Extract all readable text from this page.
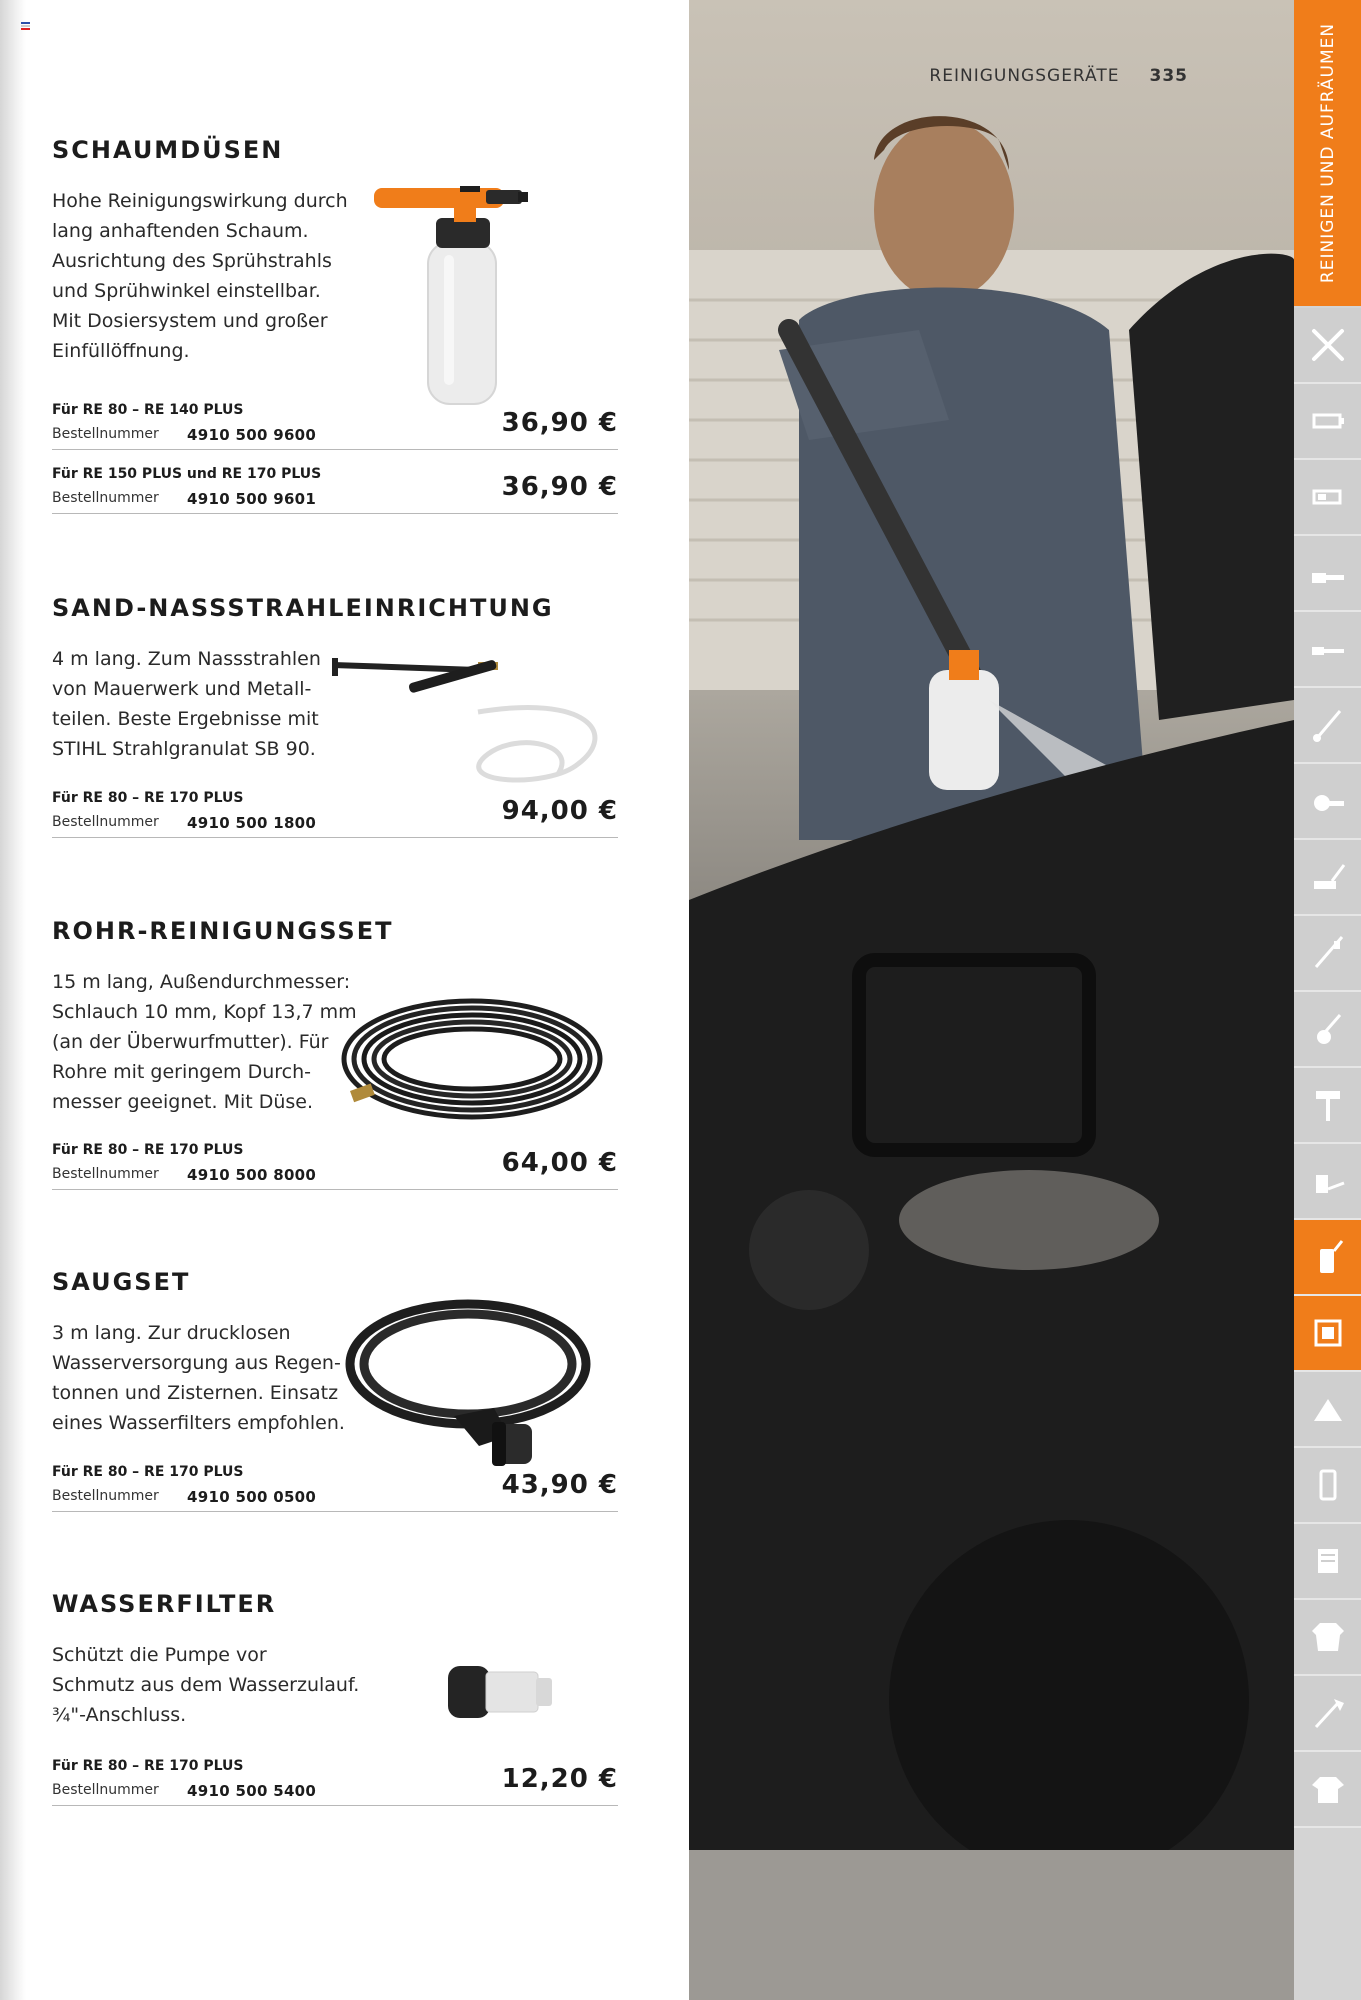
SCHAUMDÜSEN
Hohe Reinigungswirkung durch
lang anhaftenden Schaum.
Ausrichtung des Sprühstrahls
und Sprühwinkel einstellbar.
Mit Dosiersystem und großer
Einfüllöffnung.
Für RE 80 – RE 140 PLUS
Bestellnummer 4910 500 9600	36,90 €
Für RE 150 PLUS und RE 170 PLUS
Bestellnummer 4910 500 9601	36,90 €
SAND-NASSSTRAHLEINRICHTUNG
4 m lang. Zum Nassstrahlen
von Mauerwerk und Metall-
teilen. Beste Ergebnisse mit
STIHL Strahlgranulat SB 90.
Für RE 80 – RE 170 PLUS
Bestellnummer 4910 500 1800	94,00 €
ROHR-REINIGUNGSSET
15 m lang, Außendurchmesser:
Schlauch 10 mm, Kopf 13,7 mm
(an der Überwurfmutter). Für
Rohre mit geringem Durch-
messer geeignet. Mit Düse.
Für RE 80 – RE 170 PLUS
Bestellnummer 4910 500 8000	64,00 €
SAUGSET
3 m lang. Zur drucklosen
Wasserversorgung aus Regen-
tonnen und Zisternen. Einsatz
eines Wasserfilters empfohlen.
Für RE 80 – RE 170 PLUS
Bestellnummer 4910 500 0500	43,90 €
WASSERFILTER
Schützt die Pumpe vor
Schmutz aus dem Wasserzulauf.
¾"-Anschluss.
Für RE 80 – RE 170 PLUS
Bestellnummer 4910 500 5400	12,20 €
REINIGUNGSGERÄTE 335	REINIGEN UND AUFRÄUMEN
